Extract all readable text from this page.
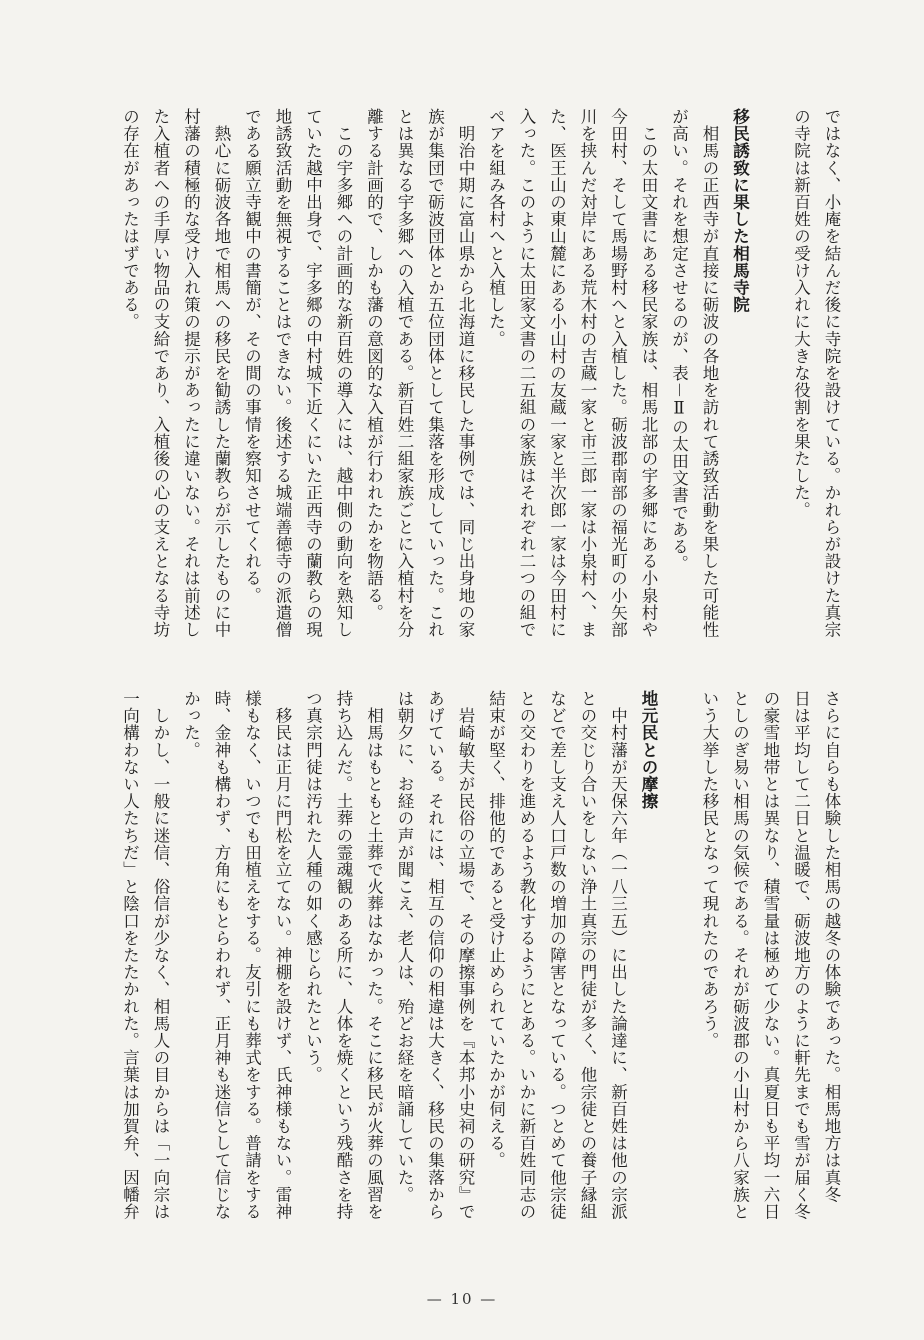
ではなく、小庵を結んだ後に寺院を設けている。かれらが設けた真宗
の寺院は新百姓の受け入れに大きな役割を果たした。

移民誘致に果した相馬寺院
　相馬の正西寺が直接に砺波の各地を訪れて誘致活動を果した可能性
が高い。それを想定させるのが、表－Ⅱの太田文書である。
　この太田文書にある移民家族は、相馬北部の宇多郷にある小泉村や
今田村、そして馬場野村へと入植した。砺波郡南部の福光町の小矢部
川を挟んだ対岸にある荒木村の吉蔵一家と市三郎一家は小泉村へ、ま
た、医王山の東山麓にある小山村の友蔵一家と半次郎一家は今田村に
入った。このように太田家文書の二五組の家族はそれぞれ二つの組で
ペアを組み各村へと入植した。
　明治中期に富山県から北海道に移民した事例では、同じ出身地の家
族が集団で砺波団体とか五位団体として集落を形成していった。これ
とは異なる宇多郷への入植である。新百姓二組家族ごとに入植村を分
離する計画的で、しかも藩の意図的な入植が行われたかを物語る。
　この宇多郷への計画的な新百姓の導入には、越中側の動向を熟知し
ていた越中出身で、宇多郷の中村城下近くにいた正西寺の蘭教らの現
地誘致活動を無視することはできない。後述する城端善徳寺の派遣僧
である願立寺観中の書簡が、その間の事情を察知させてくれる。
　熱心に砺波各地で相馬への移民を勧誘した蘭教らが示したものに中
村藩の積極的な受け入れ策の提示があったに違いない。それは前述し
た入植者への手厚い物品の支給であり、入植後の心の支えとなる寺坊
の存在があったはずである。
さらに自らも体験した相馬の越冬の体験であった。相馬地方は真冬
日は平均して二日と温暖で、砺波地方のように軒先までも雪が届く冬
の豪雪地帯とは異なり、積雪量は極めて少ない。真夏日も平均一六日
としのぎ易い相馬の気候である。それが砺波郡の小山村から八家族と
いう大挙した移民となって現れたのであろう。

地元民との摩擦
　中村藩が天保六年（一八三五）に出した論達に、新百姓は他の宗派
との交じり合いをしない浄土真宗の門徒が多く、他宗徒との養子縁組
などで差し支え人口戸数の増加の障害となっている。つとめて他宗徒
との交わりを進めるよう教化するようにとある。いかに新百姓同志の
結束が堅く、排他的であると受け止められていたかが伺える。
　岩崎敏夫が民俗の立場で、その摩擦事例を『本邦小史祠の研究』で
あげている。それには、相互の信仰の相違は大きく、移民の集落から
は朝夕に、お経の声が聞こえ、老人は、殆どお経を暗誦していた。
　相馬はもともと土葬で火葬はなかった。そこに移民が火葬の風習を
持ち込んだ。土葬の霊魂観のある所に、人体を焼くという残酷さを持
つ真宗門徒は汚れた人種の如く感じられたという。
　移民は正月に門松を立てない。神棚を設けず、氏神様もない。雷神
様もなく、いつでも田植えをする。友引にも葬式をする。普請をする
時、金神も構わず、方角にもとらわれず、正月神も迷信として信じな
かった。
　しかし、一般に迷信、俗信が少なく、相馬人の目からは「一向宗は
一向構わない人たちだ」と陰口をたたかれた。言葉は加賀弁、因幡弁
— 10 —
